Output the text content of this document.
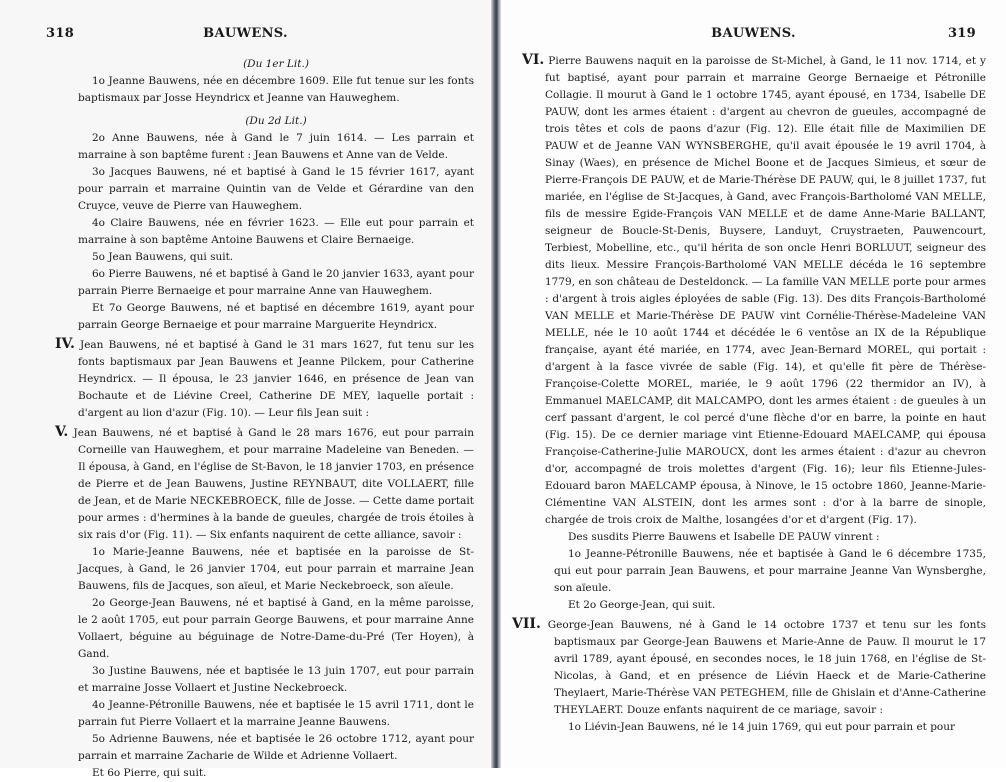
318	BAUWENS.

(Du 1er Lit.)

1o Jeanne Bauwens, née en décembre 1609. Elle fut tenue sur les fonts baptismaux par Josse Heyndricx et Jeanne van Hauweghem.

(Du 2d Lit.)

2o Anne Bauwens, née à Gand le 7 juin 1614. — Les parrain et marraine à son baptême furent : Jean Bauwens et Anne van de Velde.

3o Jacques Bauwens, né et baptisé à Gand le 15 février 1617, ayant pour parrain et marraine Quintin van de Velde et Gérardine van den Cruyce, veuve de Pierre van Hauweghem.

4o Claire Bauwens, née en février 1623. — Elle eut pour parrain et marraine à son baptême Antoine Bauwens et Claire Bernaeige.

5o Jean Bauwens, qui suit.

6o Pierre Bauwens, né et baptisé à Gand le 20 janvier 1633, ayant pour parrain Pierre Bernaeige et pour marraine Anne van Hauweghem.

Et 7o George Bauwens, né et baptisé en décembre 1619, ayant pour parrain George Bernaeige et pour marraine Marguerite Heyndricx.

IV. Jean Bauwens, né et baptisé à Gand le 31 mars 1627, fut tenu sur les fonts baptismaux par Jean Bauwens et Jeanne Pilckem, pour Catherine Heyndricx. — Il épousa, le 23 janvier 1646, en présence de Jean van Bochaute et de Liévine Creel, Catherine DE MEY, laquelle portait : d'argent au lion d'azur (Fig. 10). — Leur fils Jean suit :

V. Jean Bauwens, né et baptisé à Gand le 28 mars 1676, eut pour parrain Corneille van Hauweghem, et pour marraine Madeleine van Beneden. — Il épousa, à Gand, en l'église de St-Bavon, le 18 janvier 1703, en présence de Pierre et de Jean Bauwens, Justine REYNBAUT, dite VOLLAERT, fille de Jean, et de Marie NECKEBROECK, fille de Josse. — Cette dame portait pour armes : d'hermines à la bande de gueules, chargée de trois étoiles à six rais d'or (Fig. 11). — Six enfants naquirent de cette alliance, savoir :

1o Marie-Jeanne Bauwens, née et baptisée en la paroisse de St-Jacques, à Gand, le 26 janvier 1704, eut pour parrain et marraine Jean Bauwens, fils de Jacques, son aïeul, et Marie Neckebroeck, son aïeule.

2o George-Jean Bauwens, né et baptisé à Gand, en la même paroisse, le 2 août 1705, eut pour parrain George Bauwens, et pour marraine Anne Vollaert, béguine au béguinage de Notre-Dame-du-Pré (Ter Hoyen), à Gand.

3o Justine Bauwens, née et baptisée le 13 juin 1707, eut pour parrain et marraine Josse Vollaert et Justine Neckebroeck.

4o Jeanne-Pétronille Bauwens, née et baptisée le 15 avril 1711, dont le parrain fut Pierre Vollaert et la marraine Jeanne Bauwens.

5o Adrienne Bauwens, née et baptisée le 26 octobre 1712, ayant pour parrain et marraine Zacharie de Wilde et Adrienne Vollaert.

Et 6o Pierre, qui suit.

BAUWENS.	319

VI. Pierre Bauwens naquit en la paroisse de St-Michel, à Gand, le 11 nov. 1714, et y fut baptisé, ayant pour parrain et marraine George Bernaeige et Pétronille Collagie. Il mourut à Gand le 1 octobre 1745, ayant épousé, en 1734, Isabelle DE PAUW, dont les armes étaient : d'argent au chevron de gueules, accompagné de trois têtes et cols de paons d'azur (Fig. 12). Elle était fille de Maximilien DE PAUW et de Jeanne VAN WYNSBERGHE, qu'il avait épousée le 19 avril 1704, à Sinay (Waes), en présence de Michel Boone et de Jacques Simieus, et sœur de Pierre-François DE PAUW, et de Marie-Thérèse DE PAUW, qui, le 8 juillet 1737, fut mariée, en l'église de St-Jacques, à Gand, avec François-Bartholomé VAN MELLE, fils de messire Egide-François VAN MELLE et de dame Anne-Marie BALLANT, seigneur de Boucle-St-Denis, Buysere, Landuyt, Cruystraeten, Pauwencourt, Terbiest, Mobelline, etc., qu'il hérita de son oncle Henri BORLUUT, seigneur des dits lieux. Messire François-Bartholomé VAN MELLE décéda le 16 septembre 1779, en son château de Desteldonck. — La famille VAN MELLE porte pour armes : d'argent à trois aigles éployées de sable (Fig. 13). Des dits François-Bartholomé VAN MELLE et Marie-Thérèse DE PAUW vint Cornélie-Thérèse-Madeleine VAN MELLE, née le 10 août 1744 et décédée le 6 ventôse an IX de la République française, ayant été mariée, en 1774, avec Jean-Bernard MOREL, qui portait : d'argent à la fasce vivrée de sable (Fig. 14), et qu'elle fit père de Thérèse-Françoise-Colette MOREL, mariée, le 9 août 1796 (22 thermidor an IV), à Emmanuel MAELCAMP, dit MALCAMPO, dont les armes étaient : de gueules à un cerf passant d'argent, le col percé d'une flèche d'or en barre, la pointe en haut (Fig. 15). De ce dernier mariage vint Etienne-Edouard MAELCAMP, qui épousa Françoise-Catherine-Julie MAROUCX, dont les armes étaient : d'azur au chevron d'or, accompagné de trois molettes d'argent (Fig. 16); leur fils Etienne-Jules-Edouard baron MAELCAMP épousa, à Ninove, le 15 octobre 1860, Jeanne-Marie-Clémentine VAN ALSTEIN, dont les armes sont : d'or à la barre de sinople, chargée de trois croix de Malthe, losangées d'or et d'argent (Fig. 17).

Des susdits Pierre Bauwens et Isabelle DE PAUW vinrent :

1o Jeanne-Pétronille Bauwens, née et baptisée à Gand le 6 décembre 1735, qui eut pour parrain Jean Bauwens, et pour marraine Jeanne Van Wynsberghe, son aïeule.

Et 2o George-Jean, qui suit.

VII. George-Jean Bauwens, né à Gand le 14 octobre 1737 et tenu sur les fonts baptismaux par George-Jean Bauwens et Marie-Anne de Pauw. Il mourut le 17 avril 1789, ayant épousé, en secondes noces, le 18 juin 1768, en l'église de St-Nicolas, à Gand, et en présence de Liévin Haeck et de Marie-Catherine Theylaert, Marie-Thérèse VAN PETEGHEM, fille de Ghislain et d'Anne-Catherine THEYLAERT. Douze enfants naquirent de ce mariage, savoir :

1o Liévin-Jean Bauwens, né le 14 juin 1769, qui eut pour parrain et pour
